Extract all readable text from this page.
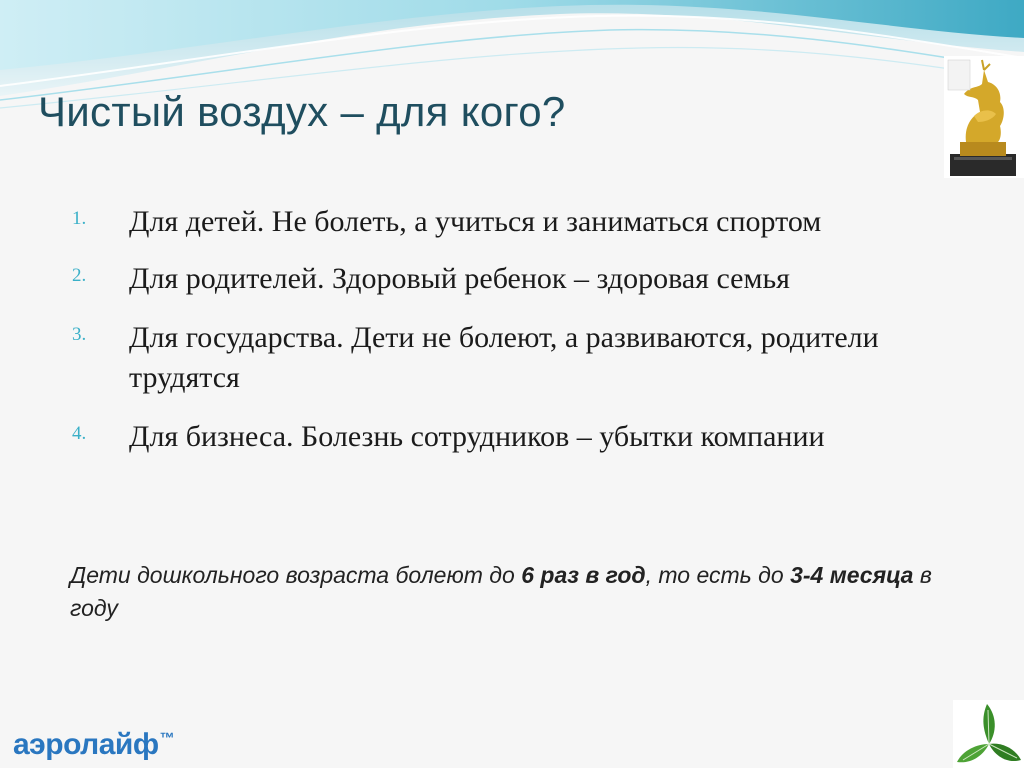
Чистый воздух – для кого?
1.	Для детей. Не болеть, а учиться и заниматься спортом
2.	Для родителей. Здоровый ребенок – здоровая семья
3.	Для государства. Дети не болеют, а развиваются, родители трудятся
4.	Для бизнеса. Болезнь сотрудников – убытки компании
Дети дошкольного возраста болеют до 6 раз в год, то есть до 3-4 месяца в году
аэролайф™
